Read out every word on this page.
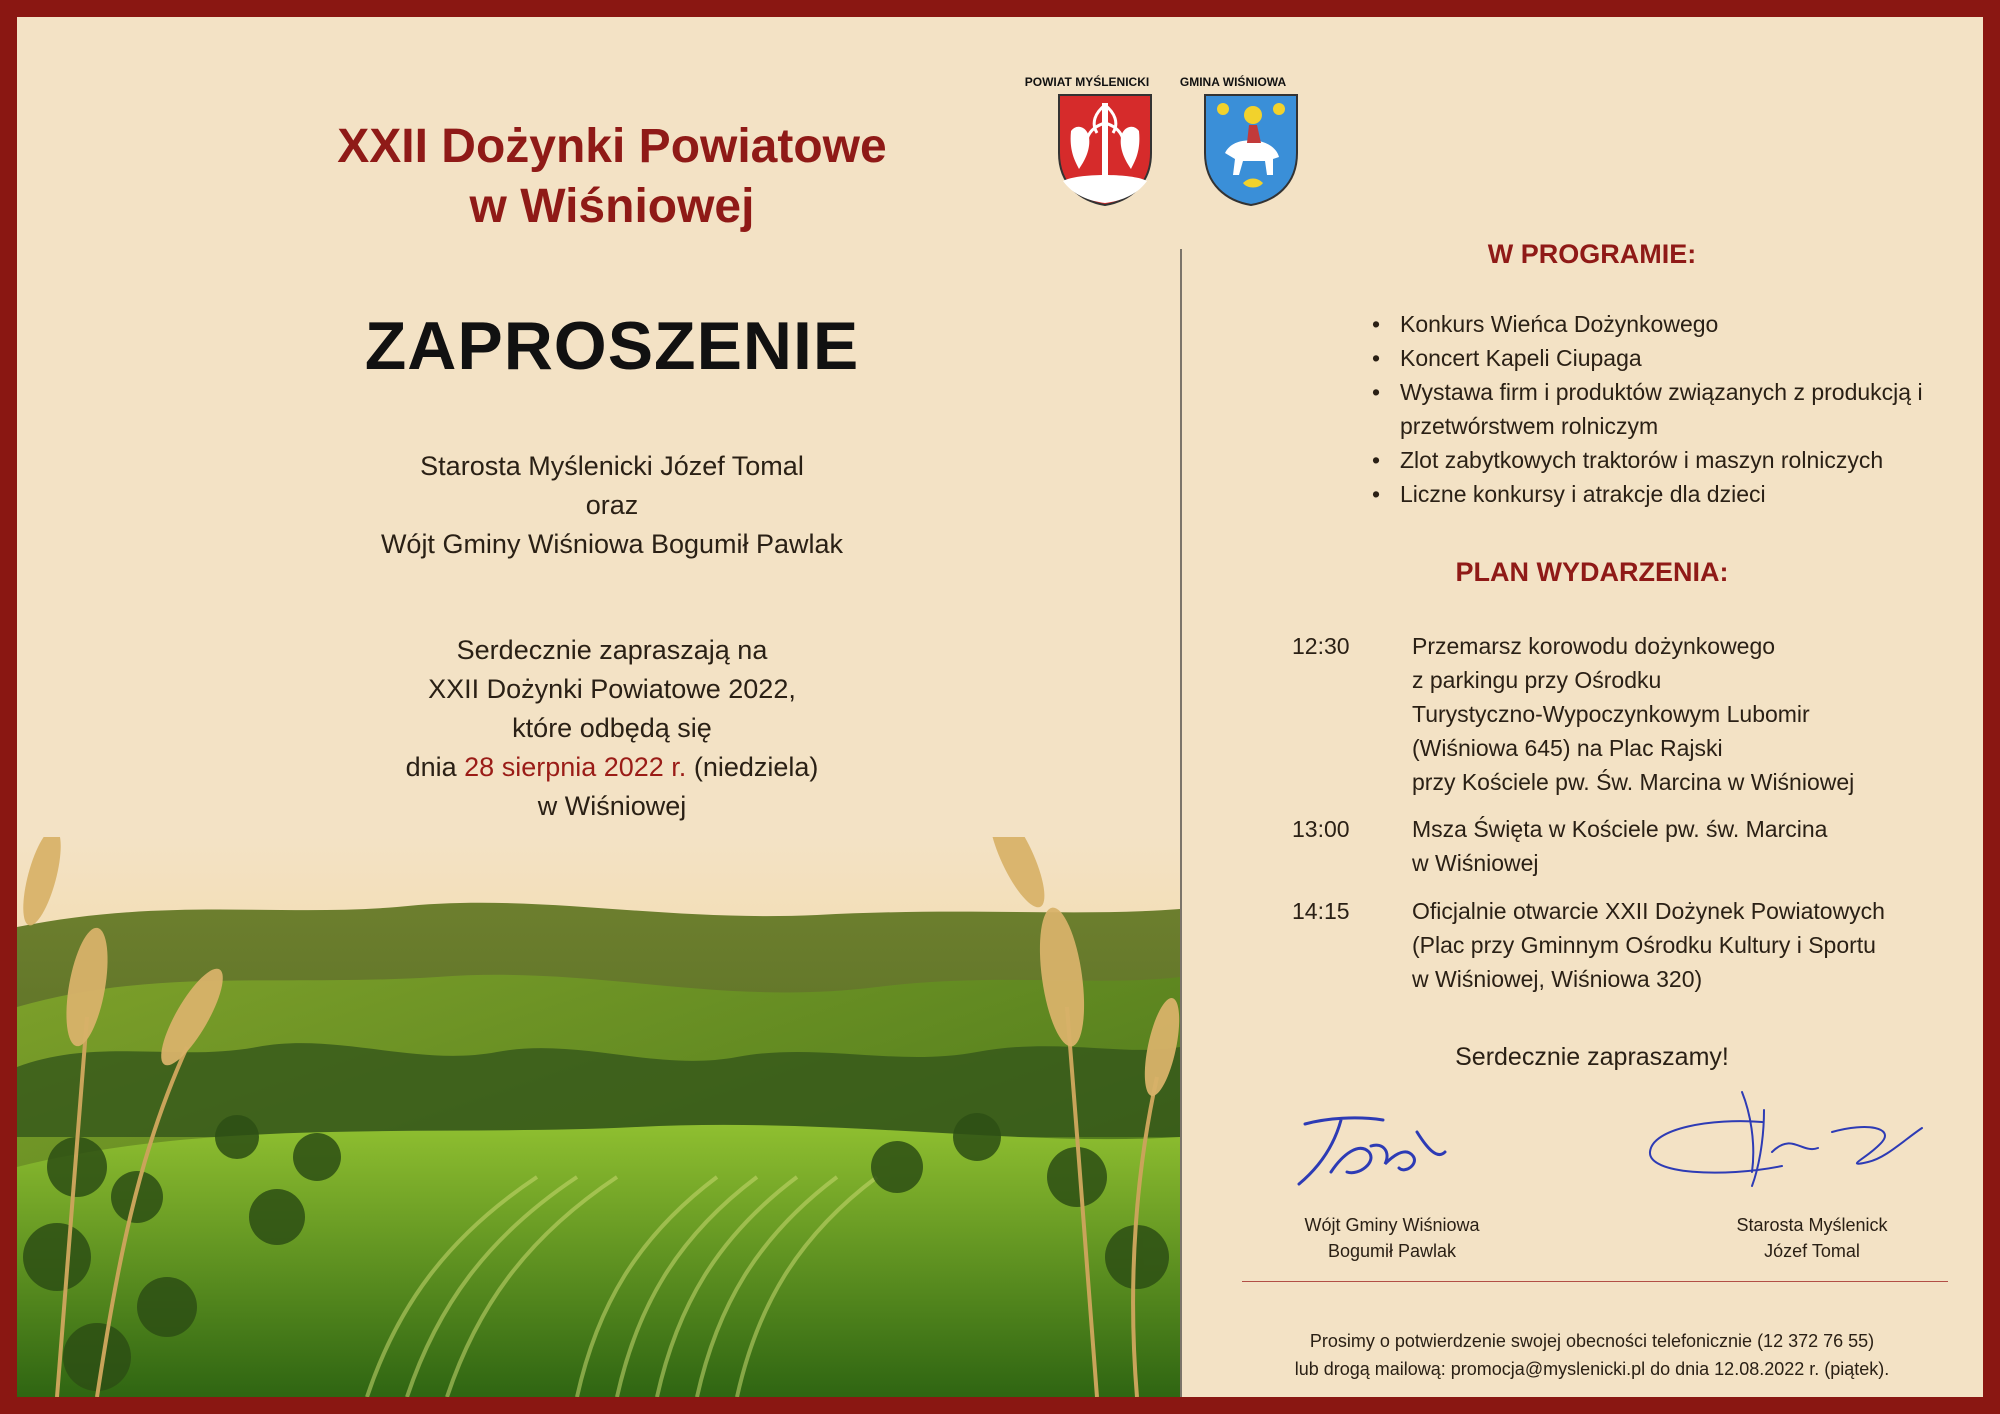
XXII Dożynki Powiatowe
w Wiśniowej
ZAPROSZENIE
Starosta Myślenicki Józef Tomal
oraz
Wójt Gminy Wiśniowa Bogumił Pawlak
Serdecznie zapraszają na
XXII Dożynki Powiatowe 2022,
które odbędą się
dnia 28 sierpnia 2022 r. (niedziela)
w Wiśniowej
POWIAT MYŚLENICKI	GMINA WIŚNIOWA
W PROGRAMIE:
• Konkurs Wieńca Dożynkowego
• Koncert Kapeli Ciupaga
• Wystawa firm i produktów związanych z produkcją i przetwórstwem rolniczym
• Zlot zabytkowych traktorów i maszyn rolniczych
• Liczne konkursy i atrakcje dla dzieci
PLAN WYDARZENIA:
12:30	Przemarsz korowodu dożynkowego
z parkingu przy Ośrodku
Turystyczno-Wypoczynkowym Lubomir
(Wiśniowa 645) na Plac Rajski
przy Kościele pw. Św. Marcina w Wiśniowej
13:00	Msza Święta w Kościele pw. św. Marcina
w Wiśniowej
14:15	Oficjalnie otwarcie XXII Dożynek Powiatowych
(Plac przy Gminnym Ośrodku Kultury i Sportu
w Wiśniowej, Wiśniowa 320)
Serdecznie zapraszamy!
Wójt Gminy Wiśniowa
Bogumił Pawlak
Starosta Myślenick
Józef Tomal
Prosimy o potwierdzenie swojej obecności telefonicznie (12 372 76 55)
lub drogą mailową: promocja@myslenicki.pl do dnia 12.08.2022 r. (piątek).
